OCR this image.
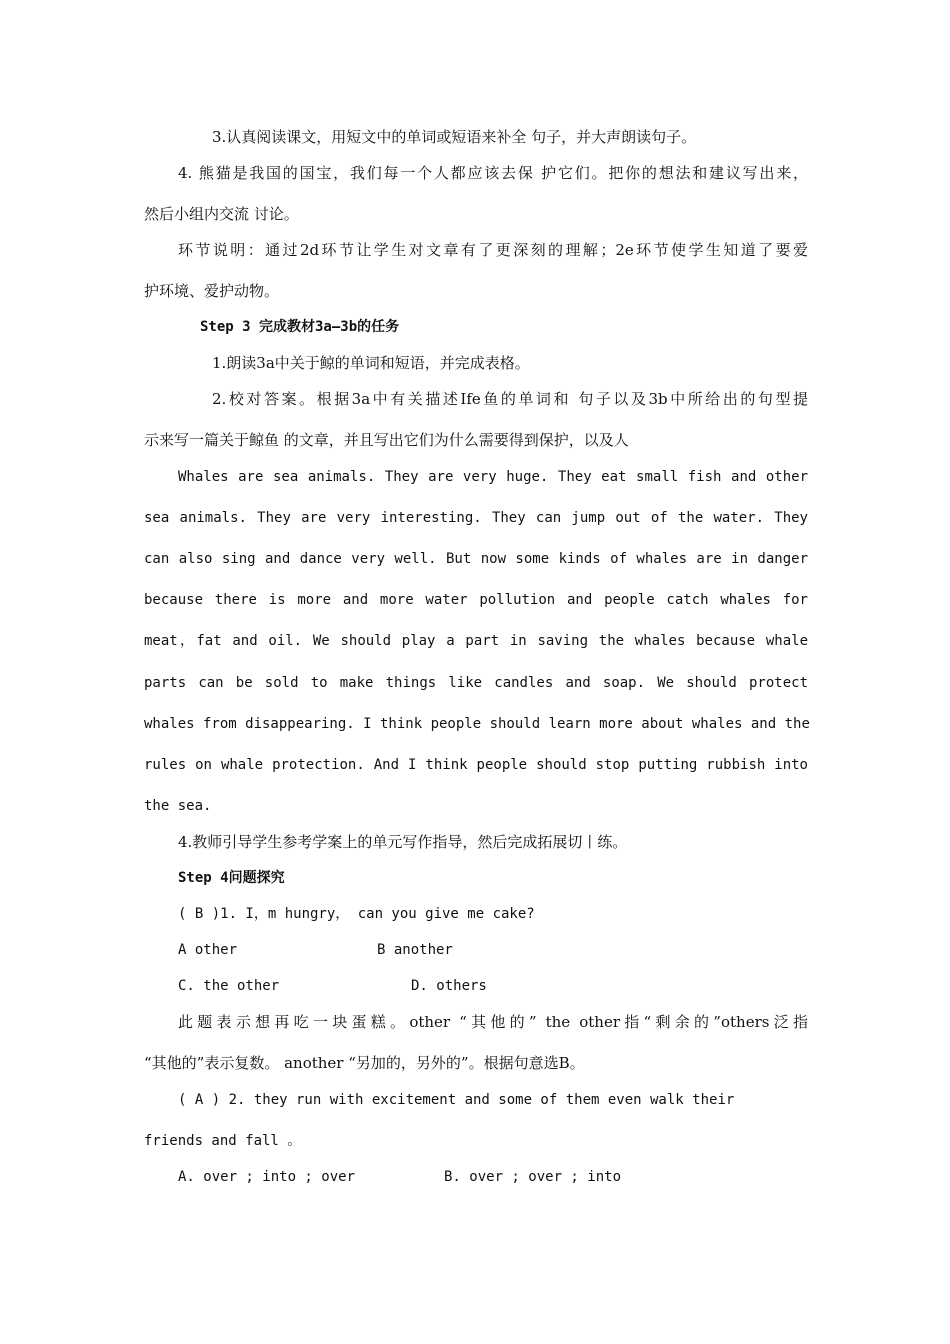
3.认真阅读课文，用短文中的单词或短语来补全 句子，并大声朗读句子。
4. 熊猫是我国的国宝，我们每一个人都应该去保 护它们。把你的想法和建议写出来，
然后小组内交流 讨论。
环节说明：通过2d环节让学生对文章有了更深刻的理解；2e环节使学生知道了要爱
护环境、爱护动物。
Step 3 完成教材3a—3b的任务
1.朗读3a中关于鲸的单词和短语，并完成表格。
2.校对答案。根据3a中有关描述Ife鱼的单词和 句子以及3b中所给出的句型提
示来写一篇关于鲸鱼 的文章，并且写出它们为什么需要得到保护，以及人
Whales are sea animals. They are very huge. They eat small fish and other
sea animals. They are very interesting. They can jump out of the water. They
can also sing and dance very well. But now some kinds of whales are in danger
because there is more and more water pollution and people catch whales for
meat，fat and oil. We should play a part in saving the whales because whale
parts can be sold to make things like candles and soap. We should protect
whales from disappearing. I think people should learn more about whales and the
rules on whale protection. And I think people should stop putting rubbish into
the sea.
4.教师引导学生参考学案上的单元写作指导，然后完成拓展切丨练。
Step 4问题探究
( B )1. I，m hungry， can you give me cake?
A other	B another
C. the other	D. others
此题表示想再吃一块蛋糕。other “其他的” the other指“剩余的”others泛指
“其他的”表示复数。 another “另加的，另外的”。根据句意选B。
( A ) 2. they run with excitement and some of them even walk their
friends and fall 。
A. over ; into ; over	B. over ; over ; into
